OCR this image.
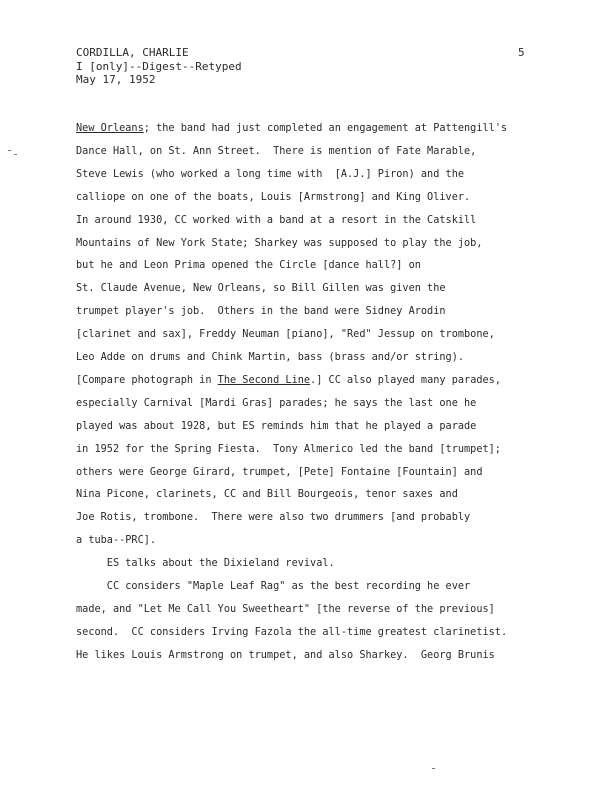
CORDILLA, CHARLIE
I [only]--Digest--Retyped
May 17, 1952
5
New Orleans; the band had just completed an engagement at Pattengill's
Dance Hall, on St. Ann Street.  There is mention of Fate Marable,
Steve Lewis (who worked a long time with  [A.J.] Piron) and the
calliope on one of the boats, Louis [Armstrong] and King Oliver.
In around 1930, CC worked with a band at a resort in the Catskill
Mountains of New York State; Sharkey was supposed to play the job,
but he and Leon Prima opened the Circle [dance hall?] on
St. Claude Avenue, New Orleans, so Bill Gillen was given the
trumpet player's job.  Others in the band were Sidney Arodin
[clarinet and sax], Freddy Neuman [piano], "Red" Jessup on trombone,
Leo Adde on drums and Chink Martin, bass (brass and/or string).
[Compare photograph in The Second Line.] CC also played many parades,
especially Carnival [Mardi Gras] parades; he says the last one he
played was about 1928, but ES reminds him that he played a parade
in 1952 for the Spring Fiesta.  Tony Almerico led the band [trumpet];
others were George Girard, trumpet, [Pete] Fontaine [Fountain] and
Nina Picone, clarinets, CC and Bill Bourgeois, tenor saxes and
Joe Rotis, trombone.  There were also two drummers [and probably
a tuba--PRC].
ES talks about the Dixieland revival.
CC considers "Maple Leaf Rag" as the best recording he ever
made, and "Let Me Call You Sweetheart" [the reverse of the previous]
second.  CC considers Irving Fazola the all-time greatest clarinetist.
He likes Louis Armstrong on trumpet, and also Sharkey.  Georg Brunis
